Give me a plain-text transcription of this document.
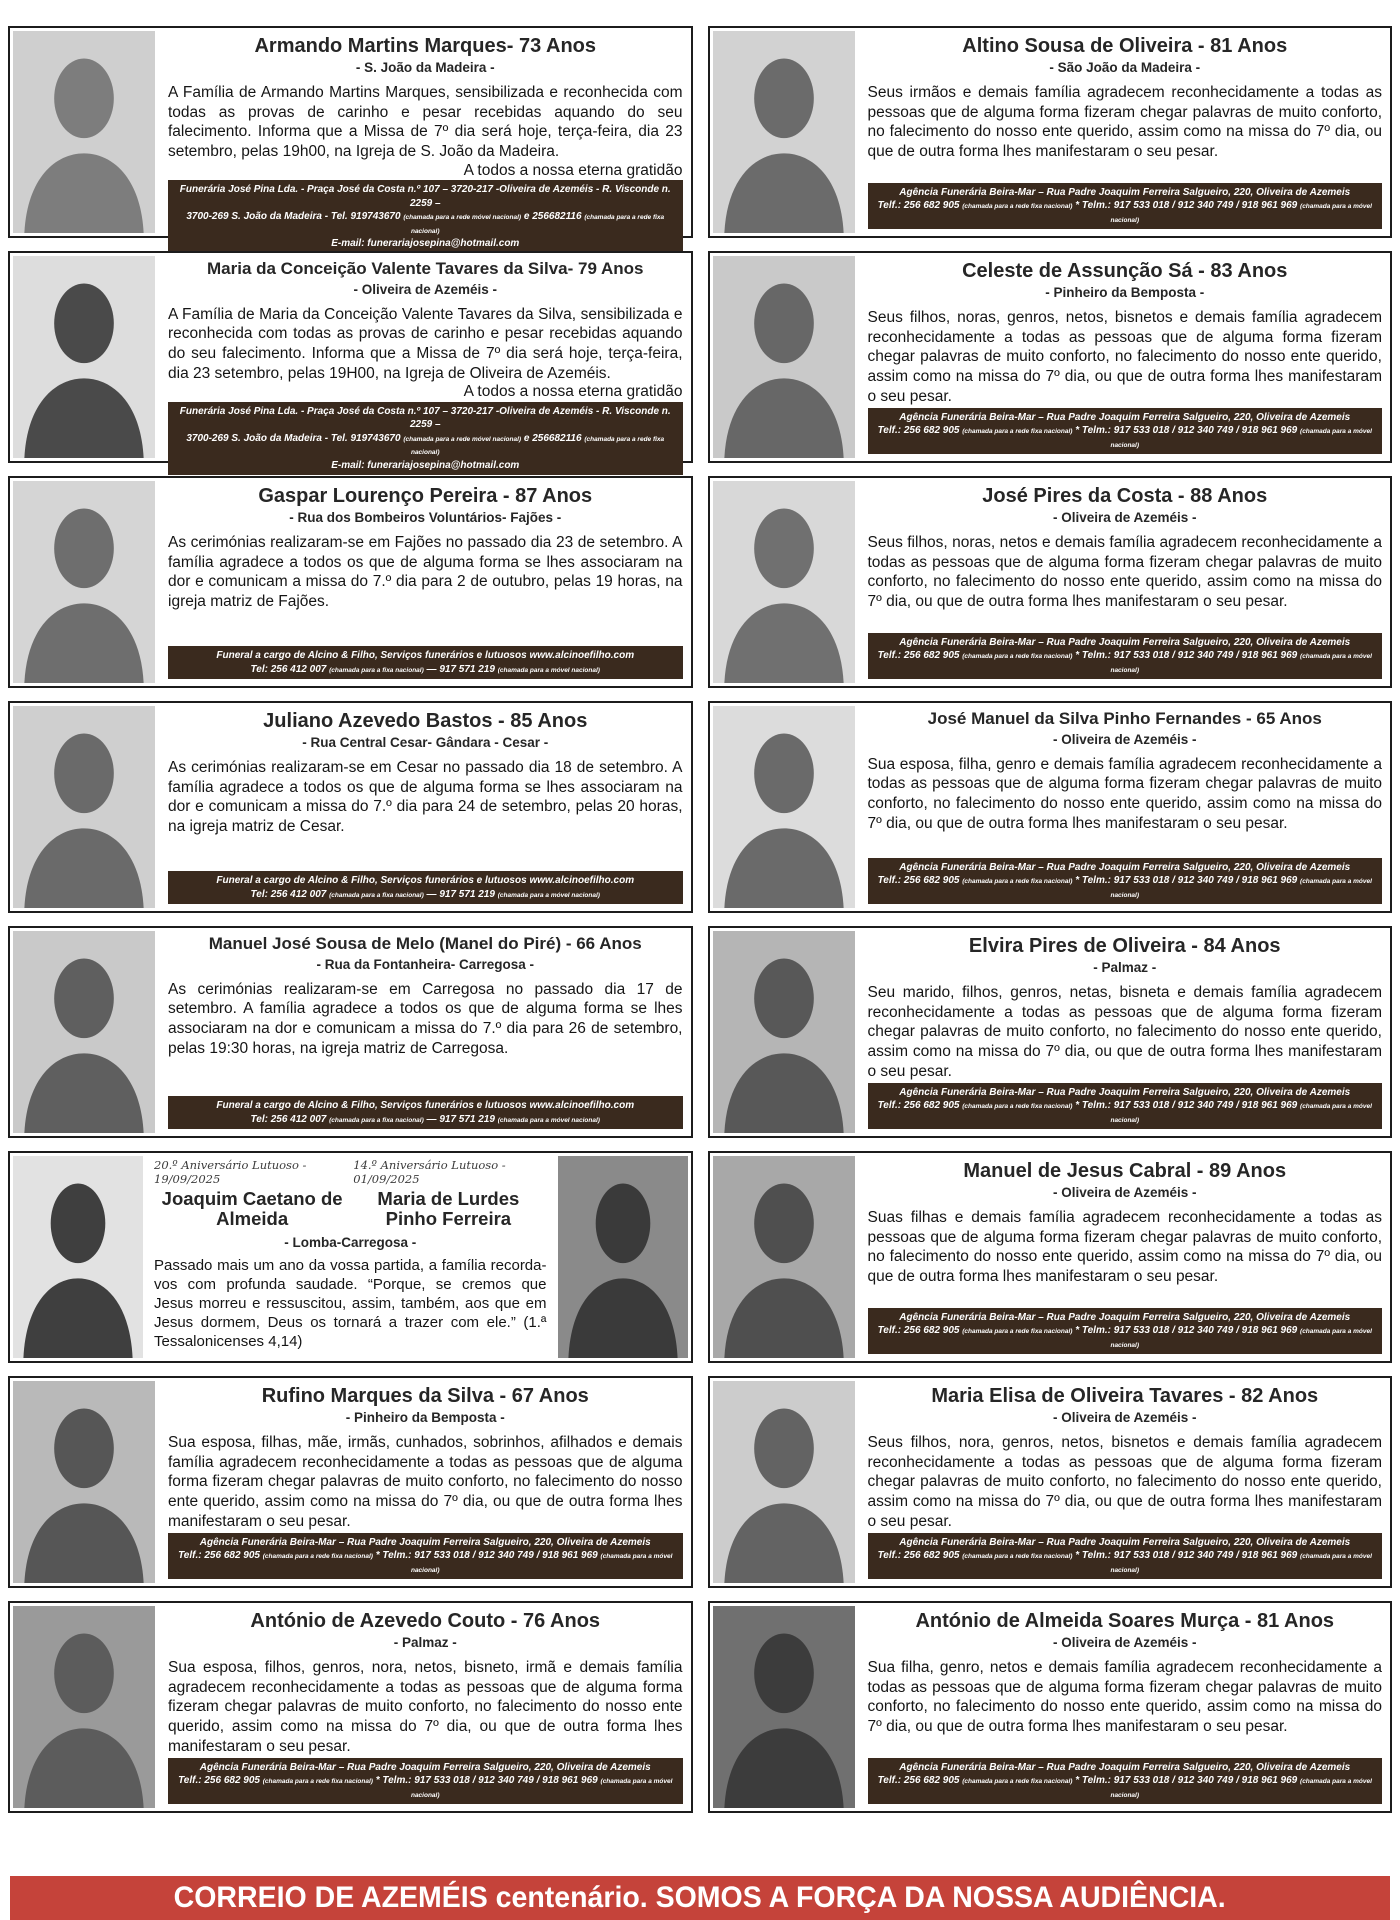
Armando Martins Marques- 73 Anos
- S. João da Madeira -
A Família de Armando Martins Marques, sensibilizada e reconhecida com todas as provas de carinho e pesar recebidas aquando do seu falecimento. Informa que a Missa de 7º dia será hoje, terça-feira, dia 23 setembro, pelas 19h00, na Igreja de S. João da Madeira.
A todos a nossa eterna gratidão
Funerária José Pina Lda. - Praça José da Costa n.º 107 – 3720-217 -Oliveira de Azeméis - R. Visconde n. 2259 –
3700-269 S. João da Madeira - Tel. 919743670 (chamada para a rede móvel nacional) e 256682116 (chamada para a rede fixa nacional)
E-mail: funerariajosepina@hotmail.com
Altino Sousa de Oliveira - 81 Anos
- São João da Madeira -
Seus irmãos e demais família agradecem reconhecidamente a todas as pessoas que de alguma forma fizeram chegar palavras de muito conforto, no falecimento do nosso ente querido, assim como na missa do 7º dia, ou que de outra forma lhes manifestaram o seu pesar.
Agência Funerária Beira-Mar – Rua Padre Joaquim Ferreira Salgueiro, 220, Oliveira de Azemeis
Telf.: 256 682 905 (chamada para a rede fixa nacional) * Telm.: 917 533 018 / 912 340 749 / 918 961 969 (chamada para a móvel nacional)
Maria da Conceição Valente Tavares da Silva- 79 Anos
- Oliveira de Azeméis -
A Família de Maria da Conceição Valente Tavares da Silva, sensibilizada e reconhecida com todas as provas de carinho e pesar recebidas aquando do seu falecimento. Informa que a Missa de 7º dia será hoje, terça-feira, dia 23 setembro, pelas 19H00, na Igreja de Oliveira de Azeméis.
A todos a nossa eterna gratidão
Funerária José Pina Lda. - Praça José da Costa n.º 107 – 3720-217 -Oliveira de Azeméis - R. Visconde n. 2259 –
3700-269 S. João da Madeira - Tel. 919743670 (chamada para a rede móvel nacional) e 256682116 (chamada para a rede fixa nacional)
E-mail: funerariajosepina@hotmail.com
Celeste de Assunção Sá - 83 Anos
- Pinheiro da Bemposta -
Seus filhos, noras, genros, netos, bisnetos e demais família agradecem reconhecidamente a todas as pessoas que de alguma forma fizeram chegar palavras de muito conforto, no falecimento do nosso ente querido, assim como na missa do 7º dia, ou que de outra forma lhes manifestaram o seu pesar.
Agência Funerária Beira-Mar – Rua Padre Joaquim Ferreira Salgueiro, 220, Oliveira de Azemeis
Telf.: 256 682 905 (chamada para a rede fixa nacional) * Telm.: 917 533 018 / 912 340 749 / 918 961 969 (chamada para a móvel nacional)
Gaspar Lourenço Pereira - 87 Anos
- Rua dos Bombeiros Voluntários- Fajões -
As cerimónias realizaram-se em Fajões no passado dia 23 de setembro. A família agradece a todos os que de alguma forma se lhes associaram na dor e comunicam a missa do 7.º dia para 2 de outubro, pelas 19 horas, na igreja matriz de Fajões.
Funeral a cargo de Alcino & Filho, Serviços funerários e lutuosos www.alcinoefilho.com
Tel: 256 412 007 (chamada para a fixa nacional) — 917 571 219 (chamada para a móvel nacional)
José Pires da Costa - 88 Anos
- Oliveira de Azeméis -
Seus filhos, noras, netos e demais família agradecem reconhecidamente a todas as pessoas que de alguma forma fizeram chegar palavras de muito conforto, no falecimento do nosso ente querido, assim como na missa do 7º dia, ou que de outra forma lhes manifestaram o seu pesar.
Agência Funerária Beira-Mar – Rua Padre Joaquim Ferreira Salgueiro, 220, Oliveira de Azemeis
Telf.: 256 682 905 (chamada para a rede fixa nacional) * Telm.: 917 533 018 / 912 340 749 / 918 961 969 (chamada para a móvel nacional)
Juliano Azevedo Bastos - 85 Anos
- Rua Central Cesar- Gândara - Cesar -
As cerimónias realizaram-se em Cesar no passado dia 18 de setembro. A família agradece a todos os que de alguma forma se lhes associaram na dor e comunicam a missa do 7.º dia para 24 de setembro, pelas 20 horas, na igreja matriz de Cesar.
Funeral a cargo de Alcino & Filho, Serviços funerários e lutuosos www.alcinoefilho.com
Tel: 256 412 007 (chamada para a fixa nacional) — 917 571 219 (chamada para a móvel nacional)
José Manuel da Silva Pinho Fernandes - 65 Anos
- Oliveira de Azeméis -
Sua esposa, filha, genro e demais família agradecem reconhecidamente a todas as pessoas que de alguma forma fizeram chegar palavras de muito conforto, no falecimento do nosso ente querido, assim como na missa do 7º dia, ou que de outra forma lhes manifestaram o seu pesar.
Agência Funerária Beira-Mar – Rua Padre Joaquim Ferreira Salgueiro, 220, Oliveira de Azemeis
Telf.: 256 682 905 (chamada para a rede fixa nacional) * Telm.: 917 533 018 / 912 340 749 / 918 961 969 (chamada para a móvel nacional)
Manuel José Sousa de Melo (Manel do Piré) - 66 Anos
- Rua da Fontanheira- Carregosa -
As cerimónias realizaram-se em Carregosa no passado dia 17 de setembro. A família agradece a todos os que de alguma forma se lhes associaram na dor e comunicam a missa do 7.º dia para 26 de setembro, pelas 19:30 horas, na igreja matriz de Carregosa.
Funeral a cargo de Alcino & Filho, Serviços funerários e lutuosos www.alcinoefilho.com
Tel: 256 412 007 (chamada para a fixa nacional) — 917 571 219 (chamada para a móvel nacional)
Elvira Pires de Oliveira - 84 Anos
- Palmaz -
Seu marido, filhos, genros, netas, bisneta e demais família agradecem reconhecidamente a todas as pessoas que de alguma forma fizeram chegar palavras de muito conforto, no falecimento do nosso ente querido, assim como na missa do 7º dia, ou que de outra forma lhes manifestaram o seu pesar.
Agência Funerária Beira-Mar – Rua Padre Joaquim Ferreira Salgueiro, 220, Oliveira de Azemeis
Telf.: 256 682 905 (chamada para a rede fixa nacional) * Telm.: 917 533 018 / 912 340 749 / 918 961 969 (chamada para a móvel nacional)
20.º Aniversário Lutuoso - 19/09/2025
14.º Aniversário Lutuoso - 01/09/2025
Joaquim Caetano de Almeida
Maria de Lurdes Pinho Ferreira
- Lomba-Carregosa -
Passado mais um ano da vossa partida, a família recorda-vos com profunda saudade. “Porque, se cremos que Jesus morreu e ressuscitou, assim, também, aos que em Jesus dormem, Deus os tornará a trazer com ele.” (1.ª Tessalonicenses 4,14)
Manuel de Jesus Cabral - 89 Anos
- Oliveira de Azeméis -
Suas filhas e demais família agradecem reconhecidamente a todas as pessoas que de alguma forma fizeram chegar palavras de muito conforto, no falecimento do nosso ente querido, assim como na missa do 7º dia, ou que de outra forma lhes manifestaram o seu pesar.
Agência Funerária Beira-Mar – Rua Padre Joaquim Ferreira Salgueiro, 220, Oliveira de Azemeis
Telf.: 256 682 905 (chamada para a rede fixa nacional) * Telm.: 917 533 018 / 912 340 749 / 918 961 969 (chamada para a móvel nacional)
Rufino Marques da Silva - 67 Anos
- Pinheiro da Bemposta -
Sua esposa, filhas, mãe, irmãs, cunhados, sobrinhos, afilhados e demais família agradecem reconhecidamente a todas as pessoas que de alguma forma fizeram chegar palavras de muito conforto, no falecimento do nosso ente querido, assim como na missa do 7º dia, ou que de outra forma lhes manifestaram o seu pesar.
Agência Funerária Beira-Mar – Rua Padre Joaquim Ferreira Salgueiro, 220, Oliveira de Azemeis
Telf.: 256 682 905 (chamada para a rede fixa nacional) * Telm.: 917 533 018 / 912 340 749 / 918 961 969 (chamada para a móvel nacional)
Maria Elisa de Oliveira Tavares - 82 Anos
- Oliveira de Azeméis -
Seus filhos, nora, genros, netos, bisnetos e demais família agradecem reconhecidamente a todas as pessoas que de alguma forma fizeram chegar palavras de muito conforto, no falecimento do nosso ente querido, assim como na missa do 7º dia, ou que de outra forma lhes manifestaram o seu pesar.
Agência Funerária Beira-Mar – Rua Padre Joaquim Ferreira Salgueiro, 220, Oliveira de Azemeis
Telf.: 256 682 905 (chamada para a rede fixa nacional) * Telm.: 917 533 018 / 912 340 749 / 918 961 969 (chamada para a móvel nacional)
António de Azevedo Couto - 76 Anos
- Palmaz -
Sua esposa, filhos, genros, nora, netos, bisneto, irmã e demais família agradecem reconhecidamente a todas as pessoas que de alguma forma fizeram chegar palavras de muito conforto, no falecimento do nosso ente querido, assim como na missa do 7º dia, ou que de outra forma lhes manifestaram o seu pesar.
Agência Funerária Beira-Mar – Rua Padre Joaquim Ferreira Salgueiro, 220, Oliveira de Azemeis
Telf.: 256 682 905 (chamada para a rede fixa nacional) * Telm.: 917 533 018 / 912 340 749 / 918 961 969 (chamada para a móvel nacional)
António de Almeida Soares Murça - 81 Anos
- Oliveira de Azeméis -
Sua filha, genro, netos e demais família agradecem reconhecidamente a todas as pessoas que de alguma forma fizeram chegar palavras de muito conforto, no falecimento do nosso ente querido, assim como na missa do 7º dia, ou que de outra forma lhes manifestaram o seu pesar.
Agência Funerária Beira-Mar – Rua Padre Joaquim Ferreira Salgueiro, 220, Oliveira de Azemeis
Telf.: 256 682 905 (chamada para a rede fixa nacional) * Telm.: 917 533 018 / 912 340 749 / 918 961 969 (chamada para a móvel nacional)
CORREIO DE AZEMÉIS centenário. SOMOS A FORÇA DA NOSSA AUDIÊNCIA.
